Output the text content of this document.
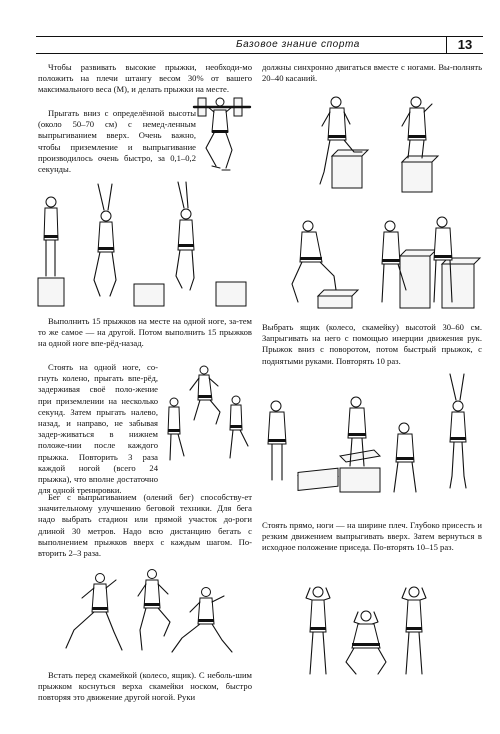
Базовое знание спорта	13

Чтобы развивать высокие прыжки, необходи-мо положить на плечи штангу весом 30% от вашего максимального веса (М), и делать прыжки на месте.

Прыгать вниз с определённой высоты (около 50–70 см) с немед-ленным выпрыгиванием вверх. Очень важно, чтобы приземление и выпрыгивание производилось очень быстро, за 0,1–0,2 секунды.

Выполнить 15 прыжков на месте на одной ноге, за-тем то же самое — на другой. Потом выполнить 15 прыжков на одной ноге впе-рёд-назад.

Стоять на одной ноге, со-гнуть колено, прыгать впе-рёд, задерживая своё поло-жение при приземлении на несколько секунд. Затем прыгать налево, назад, и направо, не забывая задер-живаться в нижнем положе-нии после каждого прыжка. Повторить 3 раза каждой ногой (всего 24 прыжка), что вполне достаточно для одной тренировки.

Бег с выпрыгиванием (олений бег) способству-ет значительному улучшению беговой техники. Для бега надо выбрать стадион или прямой участок до-роги длиной 30 метров. Надо всю дистанцию бегать с выполнением прыжков вверх с каждым шагом. По-вторить 2–3 раза.

Встать перед скамейкой (колесо, ящик). С неболь-шим прыжком коснуться верха скамейки носком, быстро повторяя это движение другой ногой. Руки

должны синхронно двигаться вместе с ногами. Вы-полнять 20–40 касаний.

Выбрать ящик (колесо, скамейку) высотой 30–60 см. Запрыгивать на него с помощью инерции движения рук. Прыжок вниз с поворотом, потом быстрый прыжок, с поднятыми руками. Повторять 10 раз.

Стоять прямо, ноги — на ширине плеч. Глубоко присесть и резким движением выпрыгивать вверх. Затем вернуться в исходное положение приседа. По-вторять 10–15 раз.
